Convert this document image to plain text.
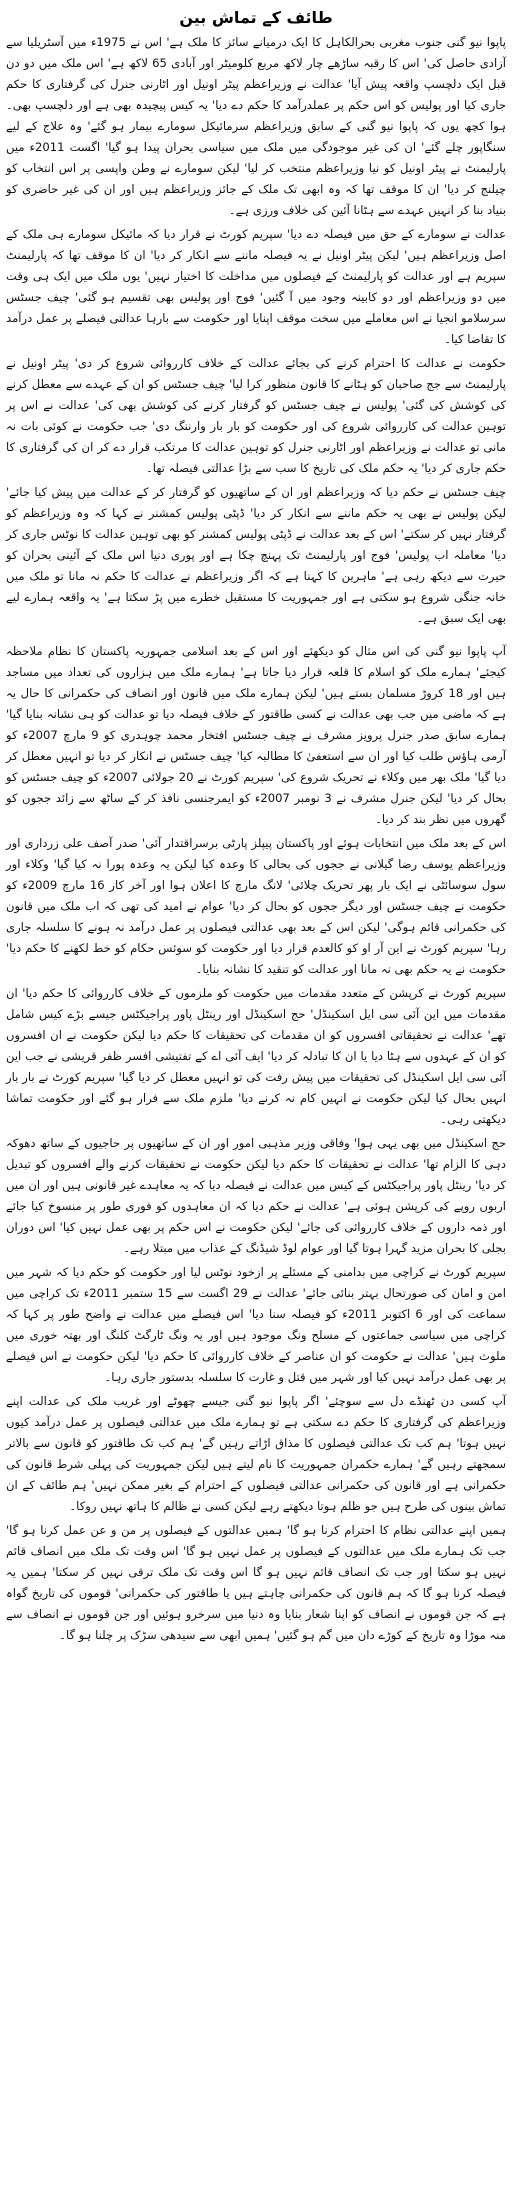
طائف کے تماش بین

پاپوا نیو گنی جنوب مغربی بحرالکاہل کا ایک درمیانے سائز کا ملک ہے' اس نے 1975ء میں آسٹریلیا سے آزادی حاصل کی' اس کا رقبہ ساڑھے چار لاکھ مربع کلومیٹر اور آبادی 65 لاکھ ہے' اس ملک میں دو دن قبل ایک دلچسپ واقعہ پیش آیا' عدالت نے وزیراعظم پیٹر اونیل اور اٹارنی جنرل کی گرفتاری کا حکم جاری کیا اور پولیس کو اس حکم پر عملدرآمد کا حکم دے دیا' یہ کیس پیچیدہ بھی ہے اور دلچسپ بھی۔ ہوا کچھ یوں کہ پاپوا نیو گنی کے سابق وزیراعظم سرمائیکل سومارے بیمار ہو گئے' وہ علاج کے لیے سنگاپور چلے گئے' ان کی غیر موجودگی میں ملک میں سیاسی بحران پیدا ہو گیا' اگست 2011ء میں پارلیمنٹ نے پیٹر اونیل کو نیا وزیراعظم منتخب کر لیا' لیکن سومارے نے وطن واپسی پر اس انتخاب کو چیلنج کر دیا' ان کا موقف تھا کہ وہ ابھی تک ملک کے جائز وزیراعظم ہیں اور ان کی غیر حاضری کو بنیاد بنا کر انہیں عہدے سے ہٹانا آئین کی خلاف ورزی ہے۔

عدالت نے سومارے کے حق میں فیصلہ دے دیا' سپریم کورٹ نے قرار دیا کہ مائیکل سومارے ہی ملک کے اصل وزیراعظم ہیں' لیکن پیٹر اونیل نے یہ فیصلہ ماننے سے انکار کر دیا' ان کا موقف تھا کہ پارلیمنٹ سپریم ہے اور عدالت کو پارلیمنٹ کے فیصلوں میں مداخلت کا اختیار نہیں' یوں ملک میں ایک ہی وقت میں دو وزیراعظم اور دو کابینہ وجود میں آ گئیں' فوج اور پولیس بھی تقسیم ہو گئی' چیف جسٹس سرسلامو انجیا نے اس معاملے میں سخت موقف اپنایا اور حکومت سے بارہا عدالتی فیصلے پر عمل درآمد کا تقاضا کیا۔

حکومت نے عدالت کا احترام کرنے کی بجائے عدالت کے خلاف کارروائی شروع کر دی' پیٹر اونیل نے پارلیمنٹ سے جج صاحبان کو ہٹانے کا قانون منظور کرا لیا' چیف جسٹس کو ان کے عہدے سے معطل کرنے کی کوشش کی گئی' پولیس نے چیف جسٹس کو گرفتار کرنے کی کوشش بھی کی' عدالت نے اس پر توہین عدالت کی کارروائی شروع کی اور حکومت کو بار بار وارننگ دی' جب حکومت نے کوئی بات نہ مانی تو عدالت نے وزیراعظم اور اٹارنی جنرل کو توہین عدالت کا مرتکب قرار دے کر ان کی گرفتاری کا حکم جاری کر دیا' یہ حکم ملک کی تاریخ کا سب سے بڑا عدالتی فیصلہ تھا۔

چیف جسٹس نے حکم دیا کہ وزیراعظم اور ان کے ساتھیوں کو گرفتار کر کے عدالت میں پیش کیا جائے' لیکن پولیس نے بھی یہ حکم ماننے سے انکار کر دیا' ڈپٹی پولیس کمشنر نے کہا کہ وہ وزیراعظم کو گرفتار نہیں کر سکتے' اس کے بعد عدالت نے ڈپٹی پولیس کمشنر کو بھی توہین عدالت کا نوٹس جاری کر دیا' معاملہ اب پولیس' فوج اور پارلیمنٹ تک پہنچ چکا ہے اور پوری دنیا اس ملک کے آئینی بحران کو حیرت سے دیکھ رہی ہے' ماہرین کا کہنا ہے کہ اگر وزیراعظم نے عدالت کا حکم نہ مانا تو ملک میں خانہ جنگی شروع ہو سکتی ہے اور جمہوریت کا مستقبل خطرے میں پڑ سکتا ہے' یہ واقعہ ہمارے لیے بھی ایک سبق ہے۔

آپ پاپوا نیو گنی کی اس مثال کو دیکھئے اور اس کے بعد اسلامی جمہوریہ پاکستان کا نظام ملاحظہ کیجئے' ہمارے ملک کو اسلام کا قلعہ قرار دیا جاتا ہے' ہمارے ملک میں ہزاروں کی تعداد میں مساجد ہیں اور 18 کروڑ مسلمان بستے ہیں' لیکن ہمارے ملک میں قانون اور انصاف کی حکمرانی کا حال یہ ہے کہ ماضی میں جب بھی عدالت نے کسی طاقتور کے خلاف فیصلہ دیا تو عدالت کو ہی نشانہ بنایا گیا' ہمارے سابق صدر جنرل پرویز مشرف نے چیف جسٹس افتخار محمد چوہدری کو 9 مارچ 2007ء کو آرمی ہاؤس طلب کیا اور ان سے استعفیٰ کا مطالبہ کیا' چیف جسٹس نے انکار کر دیا تو انہیں معطل کر دیا گیا' ملک بھر میں وکلاء نے تحریک شروع کی' سپریم کورٹ نے 20 جولائی 2007ء کو چیف جسٹس کو بحال کر دیا' لیکن جنرل مشرف نے 3 نومبر 2007ء کو ایمرجنسی نافذ کر کے ساٹھ سے زائد ججوں کو گھروں میں نظر بند کر دیا۔

اس کے بعد ملک میں انتخابات ہوئے اور پاکستان پیپلز پارٹی برسراقتدار آئی' صدر آصف علی زرداری اور وزیراعظم یوسف رضا گیلانی نے ججوں کی بحالی کا وعدہ کیا لیکن یہ وعدہ پورا نہ کیا گیا' وکلاء اور سول سوسائٹی نے ایک بار پھر تحریک چلائی' لانگ مارچ کا اعلان ہوا اور آخر کار 16 مارچ 2009ء کو حکومت نے چیف جسٹس اور دیگر ججوں کو بحال کر دیا' عوام نے امید کی تھی کہ اب ملک میں قانون کی حکمرانی قائم ہوگی' لیکن اس کے بعد بھی عدالتی فیصلوں پر عمل درآمد نہ ہونے کا سلسلہ جاری رہا' سپریم کورٹ نے این آر او کو کالعدم قرار دیا اور حکومت کو سوئس حکام کو خط لکھنے کا حکم دیا' حکومت نے یہ حکم بھی نہ مانا اور عدالت کو تنقید کا نشانہ بنایا۔

سپریم کورٹ نے کرپشن کے متعدد مقدمات میں حکومت کو ملزموں کے خلاف کارروائی کا حکم دیا' ان مقدمات میں این آئی سی ایل اسکینڈل' حج اسکینڈل اور رینٹل پاور پراجیکٹس جیسے بڑے کیس شامل تھے' عدالت نے تحقیقاتی افسروں کو ان مقدمات کی تحقیقات کا حکم دیا لیکن حکومت نے ان افسروں کو ان کے عہدوں سے ہٹا دیا یا ان کا تبادلہ کر دیا' ایف آئی اے کے تفتیشی افسر ظفر قریشی نے جب این آئی سی ایل اسکینڈل کی تحقیقات میں پیش رفت کی تو انہیں معطل کر دیا گیا' سپریم کورٹ نے بار بار انہیں بحال کیا لیکن حکومت نے انہیں کام نہ کرنے دیا' ملزم ملک سے فرار ہو گئے اور حکومت تماشا دیکھتی رہی۔

حج اسکینڈل میں بھی یہی ہوا' وفاقی وزیر مذہبی امور اور ان کے ساتھیوں پر حاجیوں کے ساتھ دھوکہ دہی کا الزام تھا' عدالت نے تحقیقات کا حکم دیا لیکن حکومت نے تحقیقات کرنے والے افسروں کو تبدیل کر دیا' رینٹل پاور پراجیکٹس کے کیس میں عدالت نے فیصلہ دیا کہ یہ معاہدے غیر قانونی ہیں اور ان میں اربوں روپے کی کرپشن ہوئی ہے' عدالت نے حکم دیا کہ ان معاہدوں کو فوری طور پر منسوخ کیا جائے اور ذمہ داروں کے خلاف کارروائی کی جائے' لیکن حکومت نے اس حکم پر بھی عمل نہیں کیا' اس دوران بجلی کا بحران مزید گہرا ہوتا گیا اور عوام لوڈ شیڈنگ کے عذاب میں مبتلا رہے۔

سپریم کورٹ نے کراچی میں بدامنی کے مسئلے پر ازخود نوٹس لیا اور حکومت کو حکم دیا کہ شہر میں امن و امان کی صورتحال بہتر بنائی جائے' عدالت نے 29 اگست سے 15 ستمبر 2011ء تک کراچی میں سماعت کی اور 6 اکتوبر 2011ء کو فیصلہ سنا دیا' اس فیصلے میں عدالت نے واضح طور پر کہا کہ کراچی میں سیاسی جماعتوں کے مسلح ونگ موجود ہیں اور یہ ونگ ٹارگٹ کلنگ اور بھتہ خوری میں ملوث ہیں' عدالت نے حکومت کو ان عناصر کے خلاف کارروائی کا حکم دیا' لیکن حکومت نے اس فیصلے پر بھی عمل درآمد نہیں کیا اور شہر میں قتل و غارت کا سلسلہ بدستور جاری رہا۔

آپ کسی دن ٹھنڈے دل سے سوچئے' اگر پاپوا نیو گنی جیسے چھوٹے اور غریب ملک کی عدالت اپنے وزیراعظم کی گرفتاری کا حکم دے سکتی ہے تو ہمارے ملک میں عدالتی فیصلوں پر عمل درآمد کیوں نہیں ہوتا' ہم کب تک عدالتی فیصلوں کا مذاق اڑاتے رہیں گے' ہم کب تک طاقتور کو قانون سے بالاتر سمجھتے رہیں گے' ہمارے حکمران جمہوریت کا نام لیتے ہیں لیکن جمہوریت کی پہلی شرط قانون کی حکمرانی ہے اور قانون کی حکمرانی عدالتی فیصلوں کے احترام کے بغیر ممکن نہیں' ہم طائف کے ان تماش بینوں کی طرح ہیں جو ظلم ہوتا دیکھتے رہے لیکن کسی نے ظالم کا ہاتھ نہیں روکا۔

ہمیں اپنے عدالتی نظام کا احترام کرنا ہو گا' ہمیں عدالتوں کے فیصلوں پر من و عن عمل کرنا ہو گا' جب تک ہمارے ملک میں عدالتوں کے فیصلوں پر عمل نہیں ہو گا' اس وقت تک ملک میں انصاف قائم نہیں ہو سکتا اور جب تک انصاف قائم نہیں ہو گا اس وقت تک ملک ترقی نہیں کر سکتا' ہمیں یہ فیصلہ کرنا ہو گا کہ ہم قانون کی حکمرانی چاہتے ہیں یا طاقتور کی حکمرانی' قوموں کی تاریخ گواہ ہے کہ جن قوموں نے انصاف کو اپنا شعار بنایا وہ دنیا میں سرخرو ہوئیں اور جن قوموں نے انصاف سے منہ موڑا وہ تاریخ کے کوڑے دان میں گم ہو گئیں' ہمیں ابھی سے سیدھی سڑک پر چلنا ہو گا۔
